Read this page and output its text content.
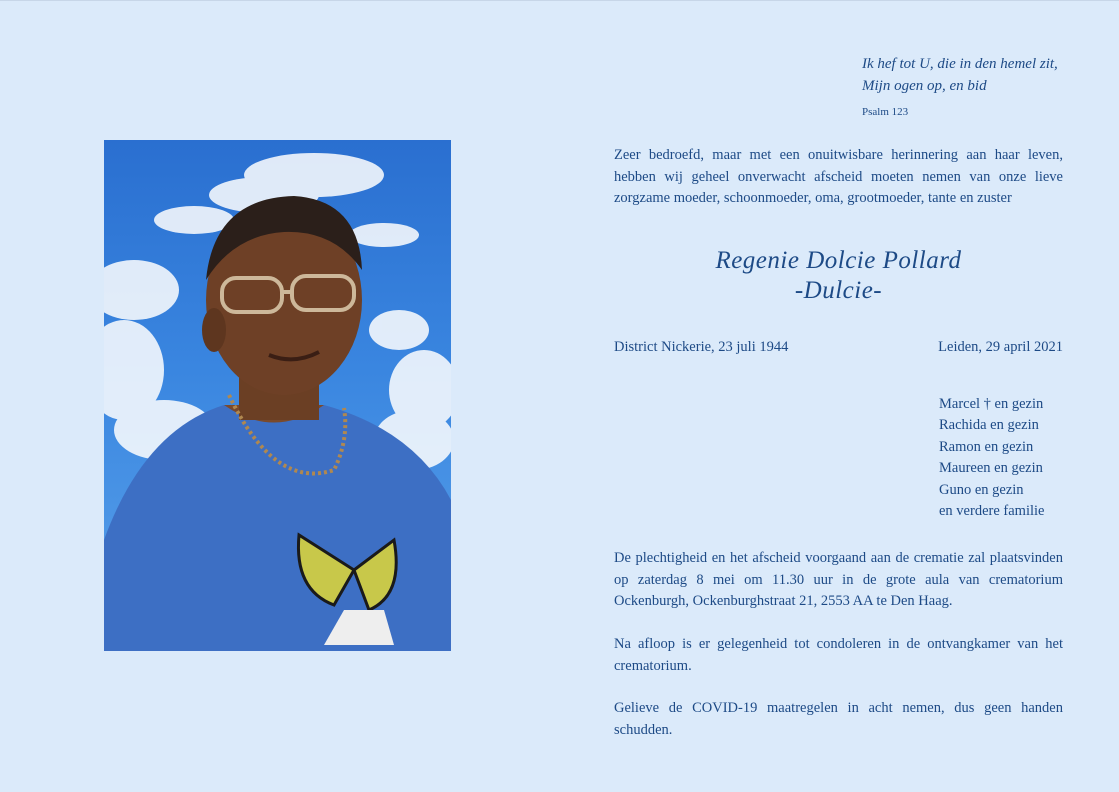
Ik hef tot U, die in den hemel zit,
Mijn ogen op, en bid
Psalm 123
Zeer bedroefd, maar met een onuitwisbare herinnering aan haar leven, hebben wij geheel onverwacht afscheid moeten nemen van onze lieve zorgzame moeder, schoonmoeder, oma, grootmoeder, tante en zuster
Regenie Dolcie Pollard
-Dulcie-
District Nickerie, 23 juli 1944	Leiden, 29 april 2021
Marcel † en gezin
Rachida en gezin
Ramon en gezin
Maureen en gezin
Guno en gezin
en verdere familie
De plechtigheid en het afscheid voorgaand aan de crematie zal plaatsvinden op zaterdag 8 mei om 11.30 uur in de grote aula van crematorium Ockenburgh, Ockenburghstraat 21, 2553 AA te Den Haag.
Na afloop is er gelegenheid tot condoleren in de ontvangkamer van het crematorium.
Gelieve de COVID-19 maatregelen in acht nemen, dus geen handen schudden.
